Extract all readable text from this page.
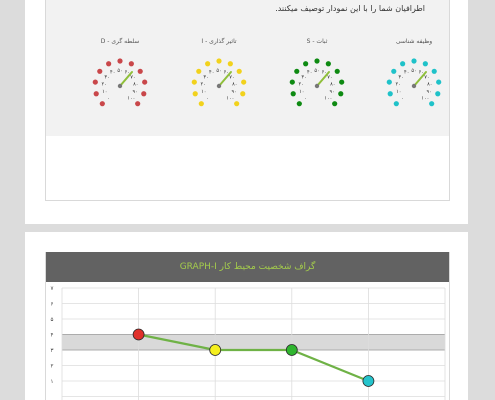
اطرافیان شما را با این نمودار توصیف میکنند.
وظیفه شناسی
ثبات - S
تاثیر گذاری - I
سلطه گری - D
۰
۱۰
۲۰
۳۰
۴۰ ۵۰ ۶۰
۷۰
۸۰
۹۰
۱۰۰
۰
۱۰
۲۰
۳۰
۴۰ ۵۰ ۶۰
۷۰
۸۰
۹۰
۱۰۰
۰
۱۰
۲۰
۳۰
۴۰ ۵۰ ۶۰
۷۰
۸۰
۹۰
۱۰۰
۰
۱۰
۲۰
۳۰
۴۰ ۵۰ ۶۰
۷۰
۸۰
۹۰
۱۰۰
گراف شخصیت محیط کار GRAPH-I
۷
۶
۵
۴
۳
۲
۱
